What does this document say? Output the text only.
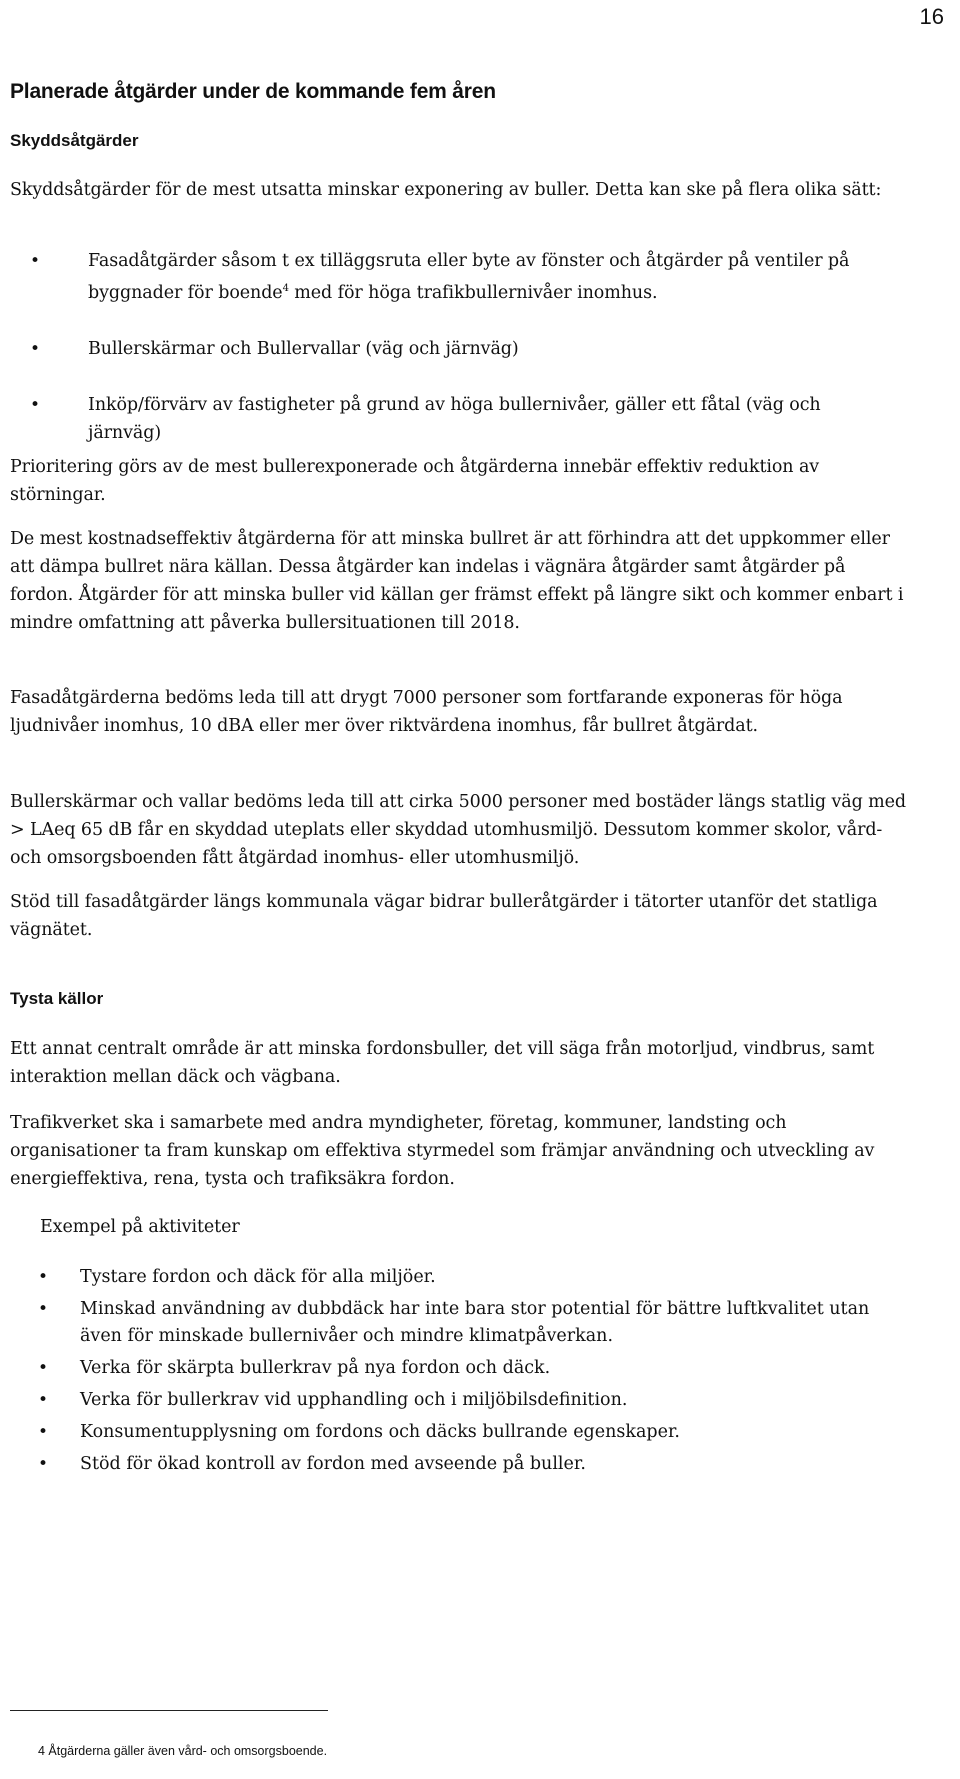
16
Planerade åtgärder under de kommande fem åren
Skyddsåtgärder
Skyddsåtgärder för de mest utsatta minskar exponering av buller. Detta kan ske på flera olika sätt:
• Fasadåtgärder såsom t ex tilläggsruta eller byte av fönster och åtgärder på ventiler på byggnader för boende$^4$ med för höga trafikbullernivåer inomhus.
• Bullerskärmar och Bullervallar (väg och järnväg)
• Inköp/förvärv av fastigheter på grund av höga bullernivåer, gäller ett fåtal (väg och järnväg)
Prioritering görs av de mest bullerexponerade och åtgärderna innebär effektiv reduktion av störningar.
De mest kostnadseffektiv åtgärderna för att minska bullret är att förhindra att det uppkommer eller att dämpa bullret nära källan. Dessa åtgärder kan indelas i vägnära åtgärder samt åtgärder på fordon. Åtgärder för att minska buller vid källan ger främst effekt på längre sikt och kommer enbart i mindre omfattning att påverka bullersituationen till 2018.
Fasadåtgärderna bedöms leda till att drygt 7000 personer som fortfarande exponeras för höga ljudnivåer inomhus, 10 dBA eller mer över riktvärdena inomhus, får bullret åtgärdat.
Bullerskärmar och vallar bedöms leda till att cirka 5000 personer med bostäder längs statlig väg med > LAeq 65 dB får en skyddad uteplats eller skyddad utomhusmiljö. Dessutom kommer skolor, vård- och omsorgsboenden fått åtgärdad inomhus- eller utomhusmiljö.
Stöd till fasadåtgärder längs kommunala vägar bidrar bulleråtgärder i tätorter utanför det statliga vägnätet.
Tysta källor
Ett annat centralt område är att minska fordonsbuller, det vill säga från motorljud, vindbrus, samt interaktion mellan däck och vägbana.
Trafikverket ska i samarbete med andra myndigheter, företag, kommuner, landsting och organisationer ta fram kunskap om effektiva styrmedel som främjar användning och utveckling av energieffektiva, rena, tysta och trafiksäkra fordon.
Exempel på aktiviteter
• Tystare fordon och däck för alla miljöer.
• Minskad användning av dubbdäck har inte bara stor potential för bättre luftkvalitet utan även för minskade bullernivåer och mindre klimatpåverkan.
• Verka för skärpta bullerkrav på nya fordon och däck.
• Verka för bullerkrav vid upphandling och i miljöbilsdefinition.
• Konsumentupplysning om fordons och däcks bullrande egenskaper.
• Stöd för ökad kontroll av fordon med avseende på buller.
4 Åtgärderna gäller även vård- och omsorgsboende.
